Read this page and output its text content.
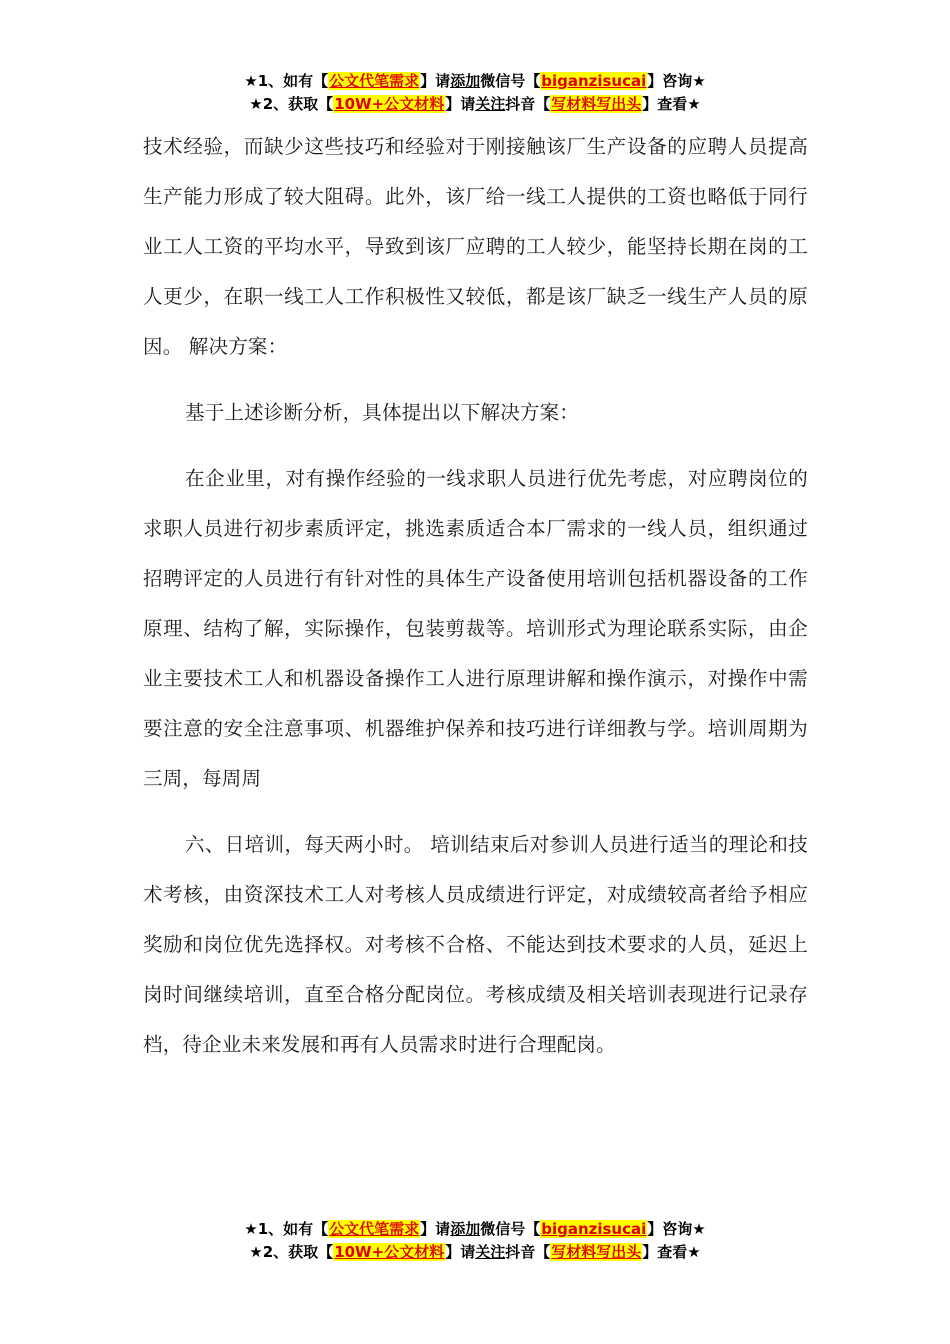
★1、如有【公文代笔需求】请添加微信号【biganzisucai】咨询★
★2、获取【10W+公文材料】请关注抖音【写材料写出头】查看★

技术经验，而缺少这些技巧和经验对于刚接触该厂生产设备的应聘人员提高生产能力形成了较大阻碍。此外，该厂给一线工人提供的工资也略低于同行业工人工资的平均水平，导致到该厂应聘的工人较少，能坚持长期在岗的工人更少，在职一线工人工作积极性又较低，都是该厂缺乏一线生产人员的原因。 解决方案：

基于上述诊断分析，具体提出以下解决方案：

在企业里，对有操作经验的一线求职人员进行优先考虑，对应聘岗位的求职人员进行初步素质评定，挑选素质适合本厂需求的一线人员，组织通过招聘评定的人员进行有针对性的具体生产设备使用培训包括机器设备的工作原理、结构了解，实际操作，包装剪裁等。培训形式为理论联系实际，由企业主要技术工人和机器设备操作工人进行原理讲解和操作演示，对操作中需要注意的安全注意事项、机器维护保养和技巧进行详细教与学。培训周期为三周，每周周

六、日培训，每天两小时。 培训结束后对参训人员进行适当的理论和技术考核，由资深技术工人对考核人员成绩进行评定，对成绩较高者给予相应奖励和岗位优先选择权。对考核不合格、不能达到技术要求的人员，延迟上岗时间继续培训，直至合格分配岗位。考核成绩及相关培训表现进行记录存档，待企业未来发展和再有人员需求时进行合理配岗。

★1、如有【公文代笔需求】请添加微信号【biganzisucai】咨询★
★2、获取【10W+公文材料】请关注抖音【写材料写出头】查看★
